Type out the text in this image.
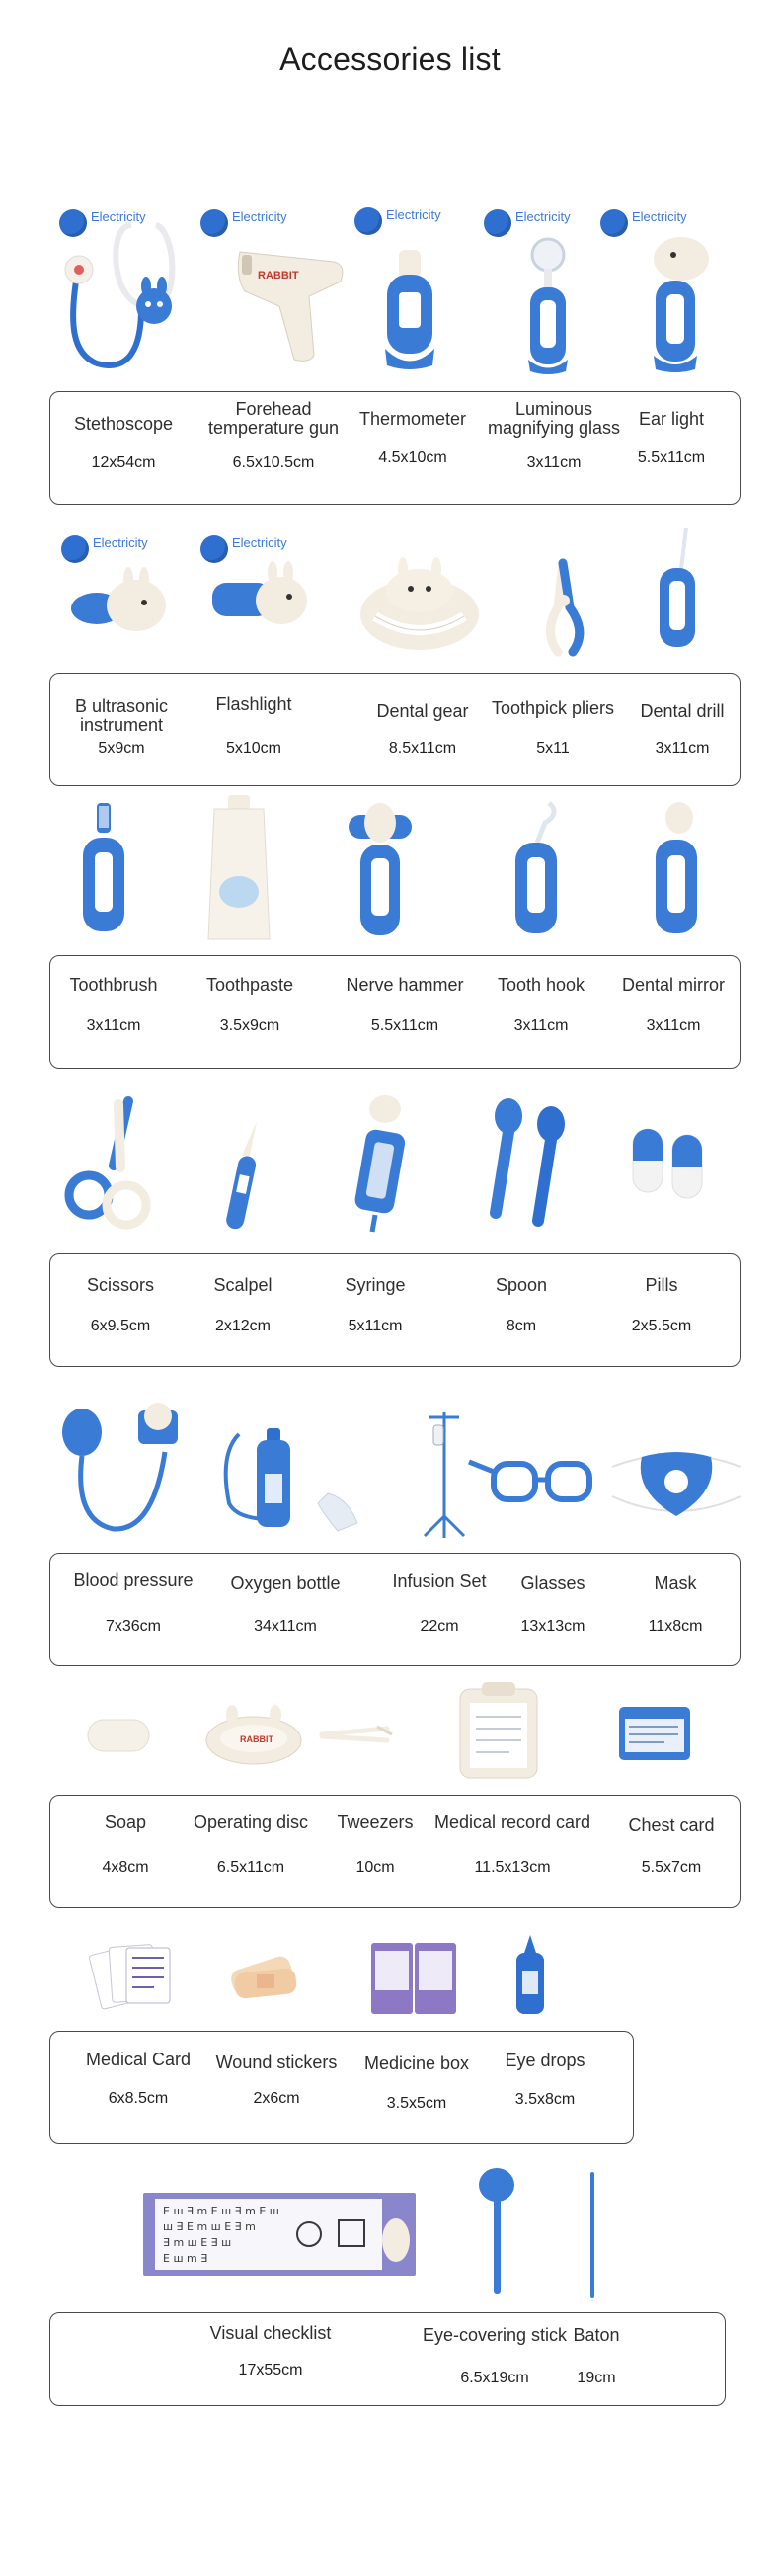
Accessories list
Electricity	Electricity	Electricity	Electricity	Electricity
RABBIT
Stethoscope
12x54cm
Forehead
temperature gun
6.5x10.5cm
Thermometer
4.5x10cm
Luminous
magnifying glass
3x11cm
Ear light
5.5x11cm
Electricity	Electricity
B ultrasonic
instrument
5x9cm
Flashlight
5x10cm
Dental gear
8.5x11cm
Toothpick pliers
5x11
Dental drill
3x11cm
Toothbrush
3x11cm
Toothpaste
3.5x9cm
Nerve hammer
5.5x11cm
Tooth hook
3x11cm
Dental mirror
3x11cm
Scissors
6x9.5cm
Scalpel
2x12cm
Syringe
5x11cm
Spoon
8cm
Pills
2x5.5cm
Blood pressure
7x36cm
Oxygen bottle
34x11cm
Infusion Set
22cm
Glasses
13x13cm
Mask
11x8cm
RABBIT
Soap
4x8cm
Operating disc
6.5x11cm
Tweezers
10cm
Medical record card
11.5x13cm
Chest card
5.5x7cm
Medical Card
6x8.5cm
Wound stickers
2x6cm
Medicine box
3.5x5cm
Eye drops
3.5x8cm
E ш ∃ m E ш ∃ m E ш
ш ∃ E m ш E ∃ m
∃ m ш E ∃ ш
E ш m ∃
Visual checklist
17x55cm
Eye-covering stick
6.5x19cm
Baton
19cm
